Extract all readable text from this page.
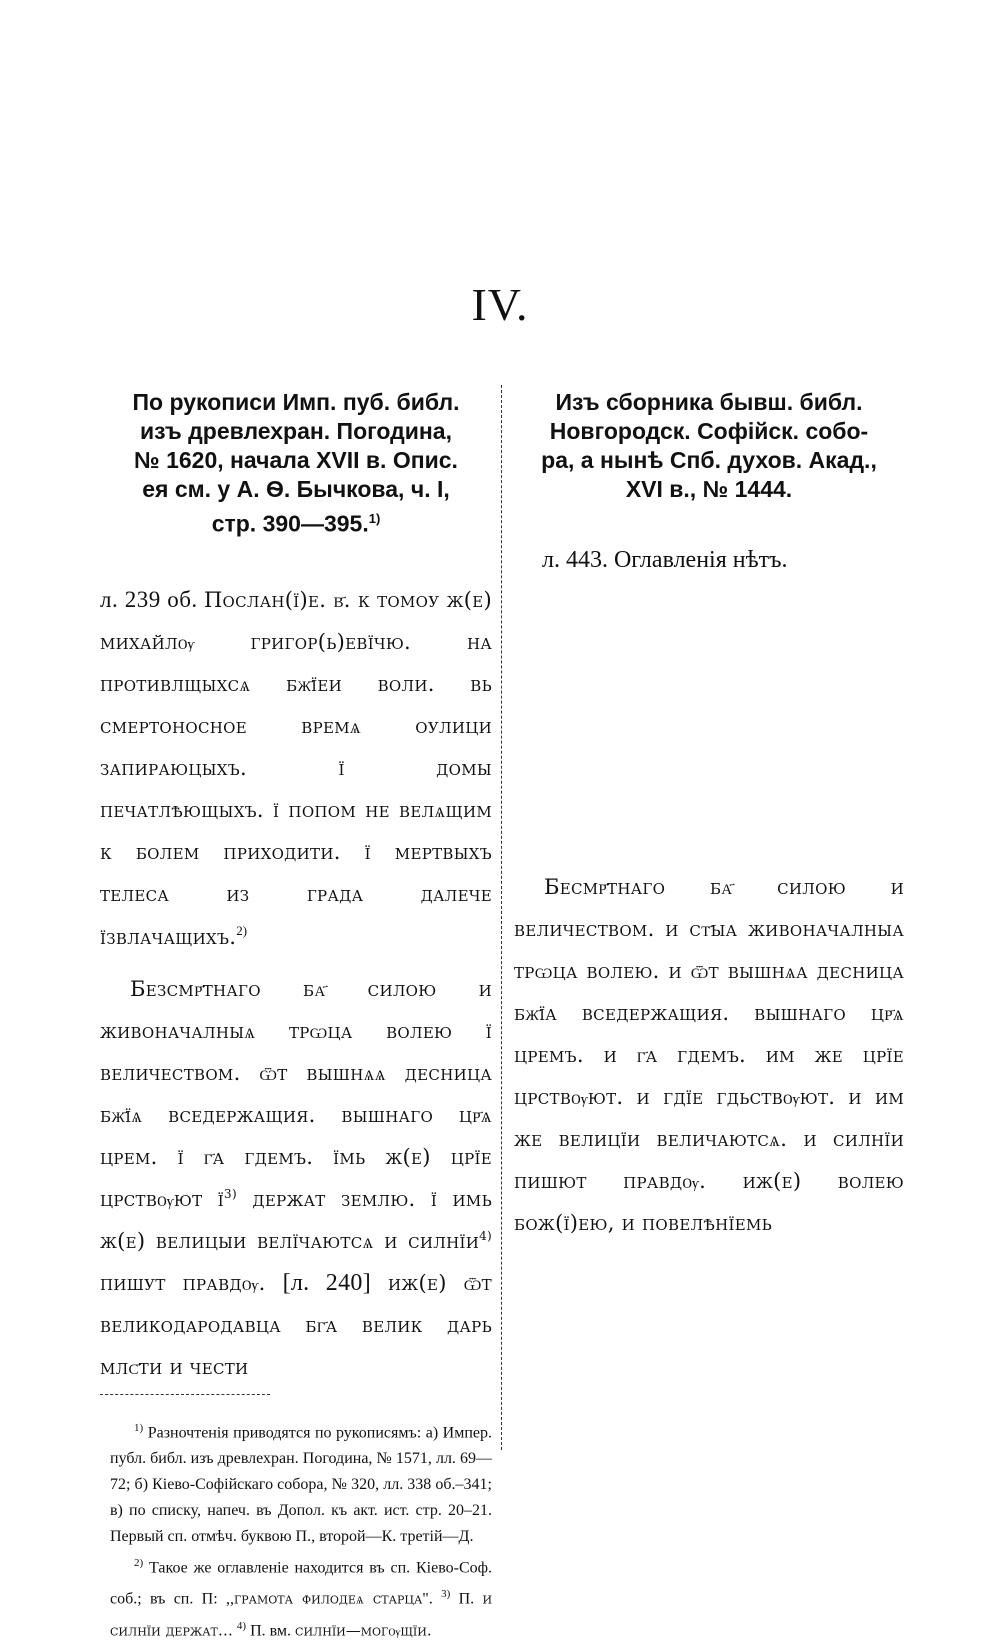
IV.
По рукописи Имп. пуб. библ.
изъ древлехран. Погодина,
№ 1620, начала XVII в. Опис.
ея см. у А. Ѳ. Бычкова, ч. I,
стр. 390—395.$^{1)}$
л. 239 об. Послан(ї)е. в҃. к томоу ж(е) михайлѹ григор(ь)евїчю. на противлщыхсѧ бж҃їеи воли. вь смертоносное времѧ оулици запираюцыхъ. ї домы печатлѣющыхъ. ї попом не велѧщим к болем приходити. ї мертвыхъ телеса из града далече їзвлачащихъ.$^{2)}$
Безсмр҃тнаго ба҃ силою и живоначалныѧ трѡца волею ї величеством. ѿт вышнѧѧ десница бж҃їѧ вседержащия. вышнаго цр҃ѧ црем. ї г҃а гдемъ. їмь ж(е) црїе црствѹют $ї^{3)}$ держат землю. ї имь ж(е) велицыи велїчаютсѧ и силнїи$^{4)}$ пишут правдѹ. [л. 240] иж(е) ѿт великодародавца бг҃а велик дарь млс҃ти и чести

$^{1)}$ Разночтенія приводятся по рукописямъ: а) Импер. публ. библ. изъ древлехран. Погодина, № 1571, лл. 69—72; б) Кіево-Софійскаго собора, № 320, лл. 338 об.–341; в) по списку, напеч. въ Допол. къ акт. ист. стр. 20–21. Первый сп. отмѣч. буквою П., второй—К. третій—Д.

$^{2)}$ Такое же оглавленіе находится въ сп. Кіево-Соф. соб.; въ сп. П: ,,грамота филодеѧ старца". $^{3)}$ П. и силнїи держат… $^{4)}$ П. вм. силнїи—могѹщїи.

Изъ сборника бывш. библ.
Новгородск. Софійск. собо-
ра, а нынѣ Спб. духов. Акад.,
XVI в., № 1444.
л. 443. Оглавленія нѣтъ.
Бесмр҃тнаго ба҃ силою и величеством. и ст҃ыа живоначалныа трѡца волею. и ѿт вышнѧа десница бж҃їа вседержащия. вышнаго цр҃ѧ цремъ. и г҃а гдемъ. им же црїе црствѹют. и гдїе гдьствѹют. и им же велицїи величаютсѧ. и силнїи пишют правдѹ. иж(е) волею бож(ї)ею, и повелѣнїемь
